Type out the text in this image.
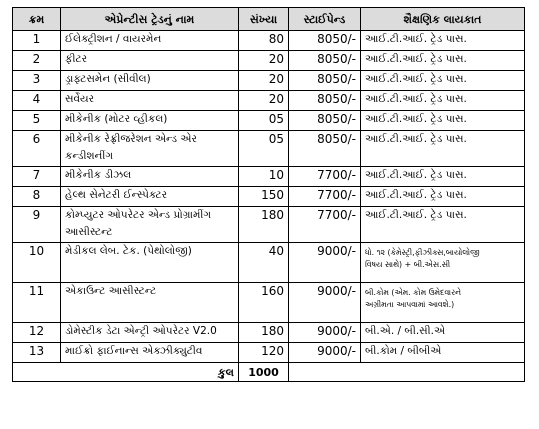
ક્રમ	એપ્રેન્ટીસ ટ્રેડનું નામ	સંખ્યા	સ્ટાઈપેન્ડ	શૈક્ષણિક લાયકાત
1	ઈલેક્ટ્રીશન / વાયરમેન	80	8050/-	આઈ.ટી.આઈ. ટ્રેડ પાસ.

2	ફીટર	20	8050/-	આઈ.ટી.આઈ. ટ્રેડ પાસ.

3	ડ્રાફ્ટસમેન (સીવીલ)	20	8050/-	આઈ.ટી.આઈ. ટ્રેડ પાસ.

4	સર્વેયર	20	8050/-	આઈ.ટી.આઈ. ટ્રેડ પાસ.

5	મીકેનીક (મોટર વ્હીકલ)	05	8050/-	આઈ.ટી.આઈ. ટ્રેડ પાસ.

6	મીકેનીક રેફ્રીજરેશન એન્ડ એર
કન્ડીશનીંગ	05	8050/-	આઈ.ટી.આઈ. ટ્રેડ પાસ.

7	મીકેનીક ડીઝલ	10	7700/-	આઈ.ટી.આઈ. ટ્રેડ પાસ.

8	હેલ્થ સેનેટરી ઈન્સ્પેક્ટર	150	7700/-	આઈ.ટી.આઈ. ટ્રેડ પાસ.

9	કોમ્પ્યુટર ઓપરેટર એન્ડ પ્રોગ્રામીંગ
આસીસ્ટન્ટ	180	7700/-	આઈ.ટી.આઈ. ટ્રેડ પાસ.

10	મેડીકલ લેબ. ટેક. (પેથોલોજી)	40	9000/-	ધો. ૧૨ (કેમેસ્ટ્રી,ફીઝીક્સ,બાયોલોજી
વિષય સાથે) + બી.એસ.સી

11	એકાઉન્ટ આસીસ્ટન્ટ	160	9000/-	બી.કોમ (એમ. કોમ ઉમેદવારને
અગ્રીમતા આપવામાં આવશે.)

12	ડોમેસ્ટીક ડેટા એન્ટ્રી ઓપરેટર V2.0	180	9000/-	બી.એ. / બી.સી.એ

13	માઈક્રો ફાઈનાન્સ એક્ઝીક્યુટીવ	120	9000/-	બી.કોમ / બીબીએ

કુલ		1000		
